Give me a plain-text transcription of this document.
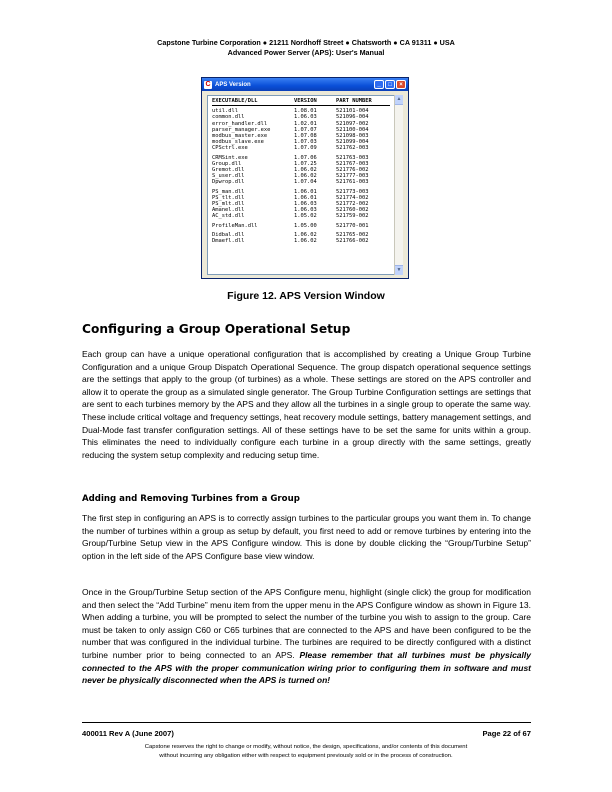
Capstone Turbine Corporation ● 21211 Nordhoff Street ● Chatsworth ● CA 91311 ● USA
Advanced Power Server (APS): User's Manual
C APS Version	_	□	×
EXECUTABLE/DLL	VERSION	PART NUMBER
util.dll	1.08.01	521101-004
common.dll	1.06.03	521096-004
error_handler.dll	1.02.01	521097-002
parser_manager.exe	1.07.07	521100-004
modbus_master.exe	1.07.08	521098-003
modbus_slave.exe	1.07.03	521099-004
CPSctrl.exe	1.07.09	521762-003
CRMSint.exe	1.07.06	521763-003
Group.dll	1.07.25	521767-003
Gremot.dll	1.06.02	521776-002
S_user.dll	1.06.02	521777-003
Dpwrop.dll	1.07.04	521761-003
PS_man.dll	1.06.01	521773-003
PS_tlt.dll	1.06.01	521774-002
PS_mlt.dll	1.06.03	521772-002
Amanel.dll	1.06.03	521760-002
AC_std.dll	1.05.02	521759-002
ProfileMan.dll	1.05.00	521770-001
Didbal.dll	1.06.02	521765-002
Dmaefl.dll	1.06.02	521766-002
▲
▼
Figure 12. APS Version Window
Configuring a Group Operational Setup

Each group can have a unique operational configuration that is accomplished by creating a Unique Group Turbine Configuration and a unique Group Dispatch Operational Sequence. The group dispatch operational sequence settings are the settings that apply to the group (of turbines) as a whole. These settings are stored on the APS controller and allow it to operate the group as a simulated single generator. The Group Turbine Configuration settings are settings that are sent to each turbines memory by the APS and they allow all the turbines in a single group to operate the same way. These include critical voltage and frequency settings, heat recovery module settings, battery management settings, and Dual-Mode fast transfer configuration settings. All of these settings have to be set the same for units within a group. This eliminates the need to individually configure each turbine in a group directly with the same settings, greatly reducing the system setup complexity and reducing setup time.

Adding and Removing Turbines from a Group

The first step in configuring an APS is to correctly assign turbines to the particular groups you want them in. To change the number of turbines within a group as setup by default, you first need to add or remove turbines by entering into the Group/Turbine Setup view in the APS Configure window. This is done by double clicking the “Group/Turbine Setup” option in the left side of the APS Configure base view window.

Once in the Group/Turbine Setup section of the APS Configure menu, highlight (single click) the group for modification and then select the “Add Turbine” menu item from the upper menu in the APS Configure window as shown in Figure 13. When adding a turbine, you will be prompted to select the number of the turbine you wish to assign to the group. Care must be taken to only assign C60 or C65 turbines that are connected to the APS and have been configured to be the number that was configured in the individual turbine. The turbines are required to be directly configured with a distinct turbine number prior to being connected to an APS. Please remember that all turbines must be physically connected to the APS with the proper communication wiring prior to configuring them in software and must never be physically disconnected when the APS is turned on!

400011 Rev A (June 2007)	Page 22 of 67
Capstone reserves the right to change or modify, without notice, the design, specifications, and/or contents of this document
without incurring any obligation either with respect to equipment previously sold or in the process of construction.
